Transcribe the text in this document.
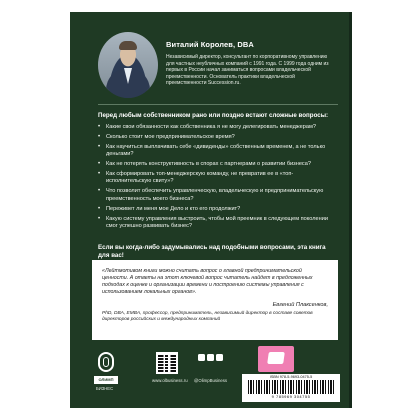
Виталий Королев, DBA
Независимый директор, консультант по корпоративному управлению для частных неубличных компаний с 1991 года. С 1999 года одним из первых в России начал заниматься вопросами владельческой преемственности. Основатель практики владельческой преемственности Succession.ru.
Перед любым собственником рано или поздно встают сложные вопросы:
• Какие свои обязанности как собственника я не могу делегировать менеджерам?
• Сколько стоит мое предпринимательское время?
• Как научиться выплачивать себе «дивиденды» собственным временем, а не только деньгами?
• Как не потерять конструктивность в спорах с партнерами о развитии бизнеса?
• Как сформировать топ-менеджерскую команду, не превратив ее в «топ-исполнительскую свиту»?
• Что позволит обеспечить управленческую, владельческую и предпринимательскую преемственность моего бизнеса?
• Переживет ли меня мое Дело и кто его продолжит?
• Какую систему управления выстроить, чтобы мой преемник в следующем поколении смог успешно развивать бизнес?
Если вы когда-либо задумывались над подобными вопросами, эта книга для вас!
«Лейтмотивом книги можно считать вопрос о главной предпринимательской ценности. А ответы на этот ключевой вопрос читатель найдет в предложенных подходах к оценке и организации времени и построению системы управления с использованием локальных органов».
Евгений Плаксенков,
PhD, DBA, EMBA, профессор, предприниматель, независимый директор в составе советов директоров российских и международных компаний
ОЛИМП
БИЗНЕС
www.olbusiness.ru @OlimpBusiness
ISBN 978-5-9693-0475-5
9 785969 304755
